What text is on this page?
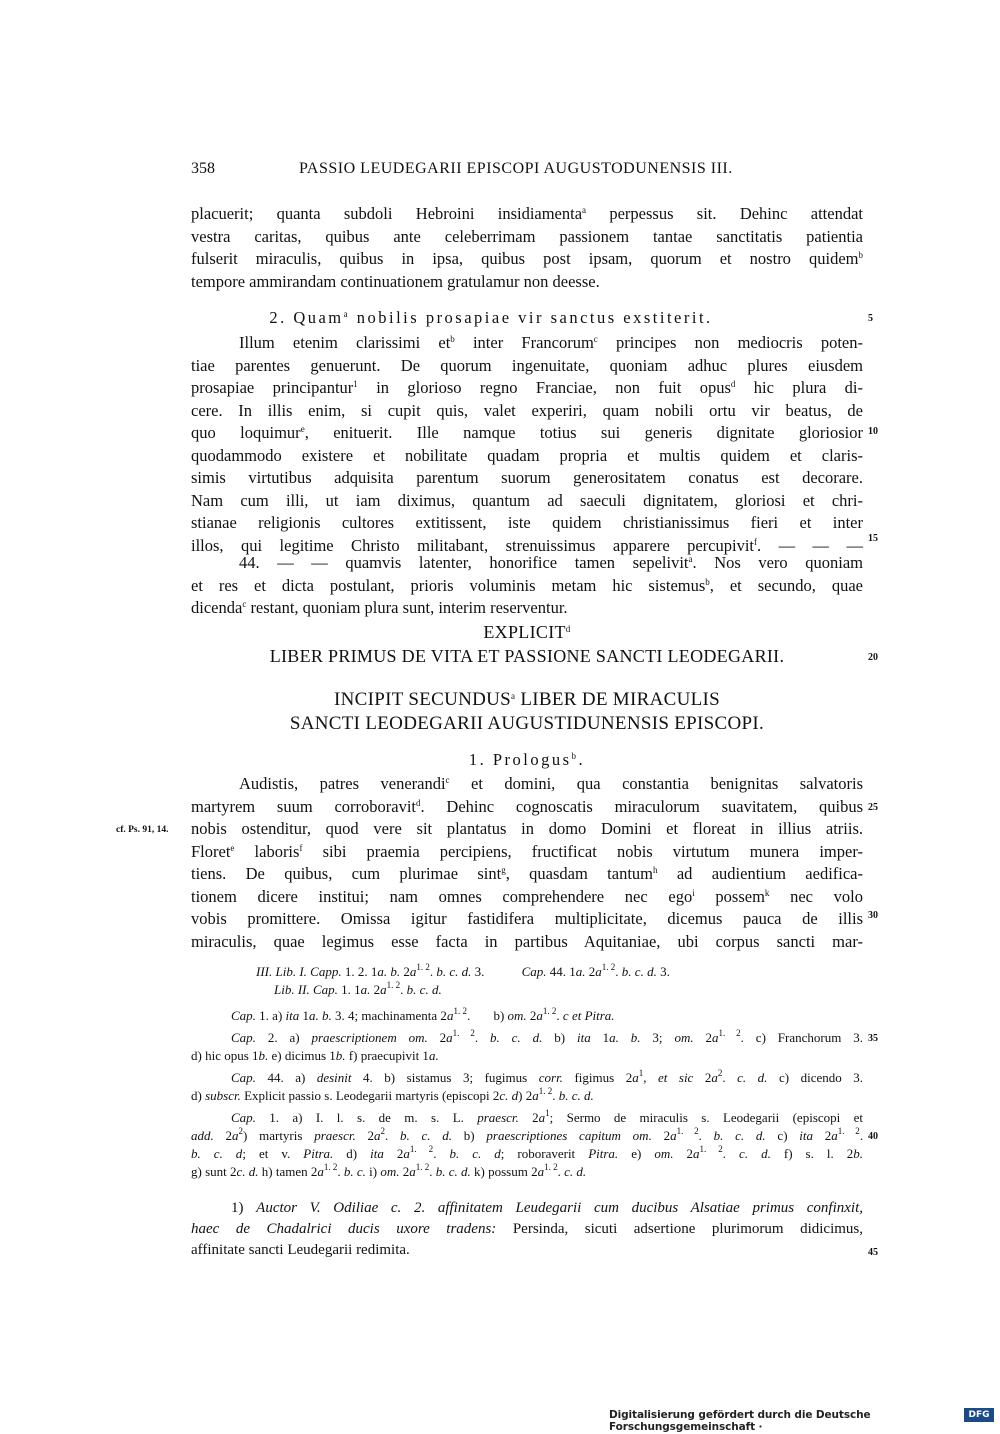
358	PASSIO LEUDEGARII EPISCOPI AUGUSTODUNENSIS III.
placuerit; quanta subdoli Hebroini insidiamenta$^a$ perpessus sit. Dehinc attendat
vestra caritas, quibus ante celeberrimam passionem tantae sanctitatis patientia
fulserit miraculis, quibus in ipsa, quibus post ipsam, quorum et nostro quidem$^b$
tempore ammirandam continuationem gratulamur non deesse.
2. Quam$^a$ nobilis prosapiae vir sanctus exstiterit.	5
Illum etenim clarissimi $et^b$ inter Francorum$^c$ principes non mediocris poten-
tiae parentes genuerunt. De quorum ingenuitate, quoniam adhuc plures eiusdem
prosapiae principantur$^1$ in glorioso regno Franciae, non fuit opus$^d$ hic plura di-
cere. In illis enim, si cupit quis, valet experiri, quam nobili ortu vir beatus, de
quo loquimur$^e$, enituerit. Ille namque totius sui generis dignitate gloriosior
quodammodo existere et nobilitate quadam propria et multis quidem et claris-
simis virtutibus adquisita parentum suorum generositatem conatus est decorare.
Nam cum illi, ut iam diximus, quantum ad saeculi dignitatem, gloriosi et chri-
stianae religionis cultores extitissent, iste quidem christianissimus fieri et inter
illos, qui legitime Christo militabant, strenuissimus apparere percupivit$^f$. — — —
10
15
44. — — quamvis latenter, honorifice tamen sepelivit$^a$. Nos vero quoniam
et res et dicta postulant, prioris voluminis metam hic sistemus$^b$, et secundo, quae
dicenda$^c$ restant, quoniam plura sunt, interim reserventur.
EXPLICIT$^d$
LIBER PRIMUS DE VITA ET PASSIONE SANCTI LEODEGARII.	20
INCIPIT SECUNDUS$^a$ LIBER DE MIRACULIS
SANCTI LEODEGARII AUGUSTIDUNENSIS EPISCOPI.
1. Prologus$^b$.
Audistis, patres venerandi$^c$ et domini, qua constantia benignitas salvatoris
martyrem suum corroboravit$^d$. Dehinc cognoscatis miraculorum suavitatem, quibus
nobis ostenditur, quod vere sit plantatus in domo Domini et floreat in illius atriis.
Floret$^e$ laboris$^f$ sibi praemia percipiens, fructificat nobis virtutum munera imper-
tiens. De quibus, cum plurimae sint$^g$, quasdam tantum$^h$ ad audientium aedifica-
tionem dicere institui; nam omnes comprehendere nec ego$^i$ possem$^k$ nec volo
vobis promittere. Omissa igitur fastidifera multiplicitate, dicemus pauca de illis
miraculis, quae legimus esse facta in partibus Aquitaniae, ubi corpus sancti mar-
25
cf. Ps. 91, 14.
30
III. Lib. I. Capp. 1. 2. 1a. b. $2a^{1. 2}$. b. c. d. 3.	Cap. 44. 1a. $2a^{1. 2}$. b. c. d. 3.
Lib. II. Cap. 1. 1a. $2a^{1. 2}$. b. c. d.
Cap. 1. a) ita 1a. b. 3. 4; machinamenta $2a^{1. 2}$. b) om. $2a^{1. 2}$. c et Pitra.
Cap. 2. a) praescriptionem om. $2a^{1. 2}$. b. c. d. b) ita 1a. b. 3; om. $2a^{1. 2}$. c) Franchorum 3.
d) hic opus 1b. e) dicimus 1b. f) praecupivit 1a.
Cap. 44. a) desinit 4. b) sistamus 3; fugimus corr. figimus $2a^1$, et sic $2a^2$. c. d. c) dicendo 3.
d) subscr. Explicit passio s. Leodegarii martyris (episcopi 2c. d) $2a^{1. 2}$. b. c. d.
Cap. 1. a) I. l. s. de m. s. L. praescr. $2a^1$; Sermo de miraculis s. Leodegarii (episcopi et
add. $2a^2$) martyris praescr. $2a^2$. b. c. d. b) praescriptiones capitum om. $2a^{1. 2}$. b. c. d. c) ita $2a^{1. 2}$.
b. c. d; et v. Pitra. d) ita $2a^{1. 2}$. b. c. d; roboraverit Pitra. e) om. $2a^{1. 2}$. c. d. f) s. l. 2b.
g) sunt 2c. d. h) tamen $2a^{1. 2}$. b. c. i) om. $2a^{1. 2}$. b. c. d. k) possum $2a^{1. 2}$. c. d.
35
40
1) Auctor V. Odiliae c. 2. affinitatem Leudegarii cum ducibus Alsatiae primus confinxit,
haec de Chadalrici ducis uxore tradens: Persinda, sicuti adsertione plurimorum didicimus,
affinitate sancti Leudegarii redimita.	45
Digitalisierung gefördert durch die Deutsche Forschungsgemeinschaft ·
DFG
